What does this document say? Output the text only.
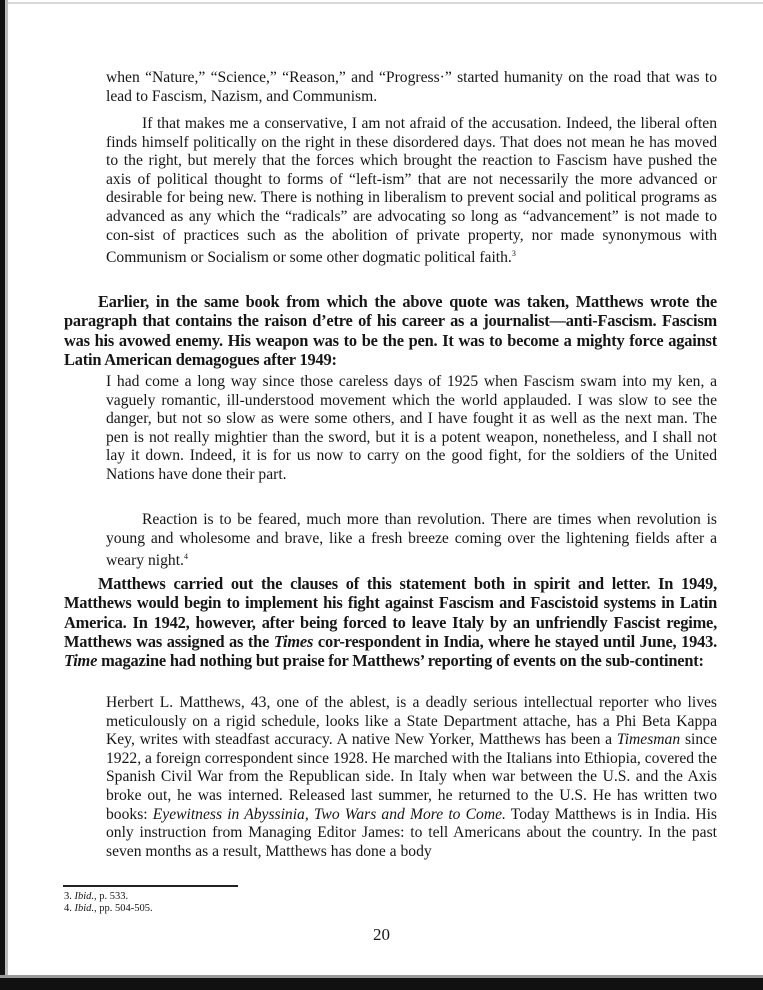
when “Nature,” “Science,” “Reason,” and “Progress·” started humanity on the road that was to lead to Fascism, Nazism, and Communism.

If that makes me a conservative, I am not afraid of the accusation. Indeed, the liberal often finds himself politically on the right in these disordered days. That does not mean he has moved to the right, but merely that the forces which brought the reaction to Fascism have pushed the axis of political thought to forms of “left-ism” that are not necessarily the more advanced or desirable for being new. There is nothing in liberalism to prevent social and political programs as advanced as any which the “radicals” are advocating so long as “advancement” is not made to con-sist of practices such as the abolition of private property, nor made synonymous with Communism or Socialism or some other dogmatic political faith.$^3$

Earlier, in the same book from which the above quote was taken, Matthews wrote the paragraph that contains the raison d’etre of his career as a journalist—anti-Fascism. Fascism was his avowed enemy. His weapon was to be the pen. It was to become a mighty force against Latin American demagogues after 1949:

I had come a long way since those careless days of 1925 when Fascism swam into my ken, a vaguely romantic, ill-understood movement which the world applauded. I was slow to see the danger, but not so slow as were some others, and I have fought it as well as the next man. The pen is not really mightier than the sword, but it is a potent weapon, nonetheless, and I shall not lay it down. Indeed, it is for us now to carry on the good fight, for the soldiers of the United Nations have done their part.

Reaction is to be feared, much more than revolution. There are times when revolution is young and wholesome and brave, like a fresh breeze coming over the lightening fields after a weary night.$^4$

Matthews carried out the clauses of this statement both in spirit and letter. In 1949, Matthews would begin to implement his fight against Fascism and Fascistoid systems in Latin America. In 1942, however, after being forced to leave Italy by an unfriendly Fascist regime, Matthews was assigned as the Times cor-respondent in India, where he stayed until June, 1943. Time magazine had nothing but praise for Matthews’ reporting of events on the sub-continent:

Herbert L. Matthews, 43, one of the ablest, is a deadly serious intellectual reporter who lives meticulously on a rigid schedule, looks like a State Department attache, has a Phi Beta Kappa Key, writes with steadfast accuracy. A native New Yorker, Matthews has been a Timesman since 1922, a foreign correspondent since 1928. He marched with the Italians into Ethiopia, covered the Spanish Civil War from the Republican side. In Italy when war between the U.S. and the Axis broke out, he was interned. Released last summer, he returned to the U.S. He has written two books: Eyewitness in Abyssinia, Two Wars and More to Come. Today Matthews is in India. His only instruction from Managing Editor James: to tell Americans about the country. In the past seven months as a result, Matthews has done a body

3. Ibid., p. 533.
4. Ibid., pp. 504-505.
20
